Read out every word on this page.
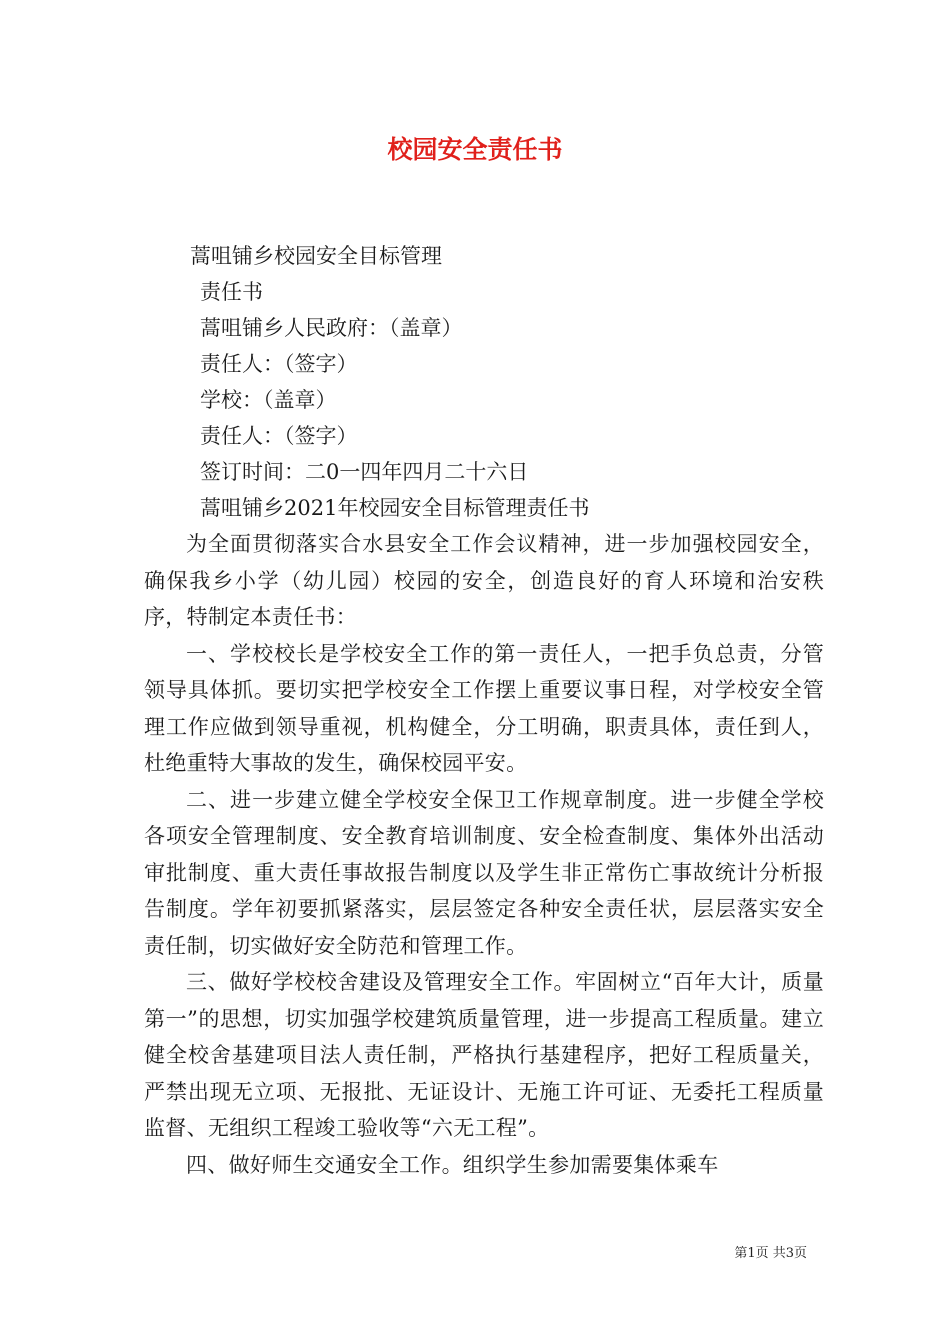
校园安全责任书
蒿咀铺乡校园安全目标管理
责任书
蒿咀铺乡人民政府：（盖章）
责任人：（签字）
学校：（盖章）
责任人：（签字）
签订时间：二0一四年四月二十六日
蒿咀铺乡2021年校园安全目标管理责任书

为全面贯彻落实合水县安全工作会议精神，进一步加强校园安全，确保我乡小学（幼儿园）校园的安全，创造良好的育人环境和治安秩序，特制定本责任书：

一、学校校长是学校安全工作的第一责任人，一把手负总责，分管领导具体抓。要切实把学校安全工作摆上重要议事日程，对学校安全管理工作应做到领导重视，机构健全，分工明确，职责具体，责任到人，杜绝重特大事故的发生，确保校园平安。

二、进一步建立健全学校安全保卫工作规章制度。进一步健全学校各项安全管理制度、安全教育培训制度、安全检查制度、集体外出活动审批制度、重大责任事故报告制度以及学生非正常伤亡事故统计分析报告制度。学年初要抓紧落实，层层签定各种安全责任状，层层落实安全责任制，切实做好安全防范和管理工作。

三、做好学校校舍建设及管理安全工作。牢固树立“百年大计，质量第一”的思想，切实加强学校建筑质量管理，进一步提高工程质量。建立健全校舍基建项目法人责任制，严格执行基建程序，把好工程质量关，严禁出现无立项、无报批、无证设计、无施工许可证、无委托工程质量监督、无组织工程竣工验收等“六无工程”。

四、做好师生交通安全工作。组织学生参加需要集体乘车

第1页 共3页
